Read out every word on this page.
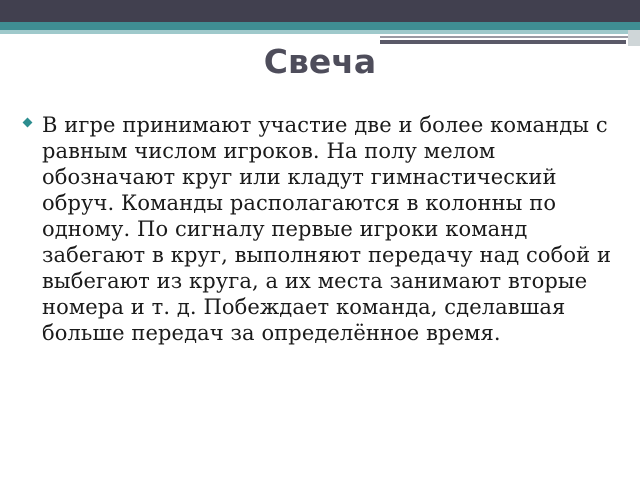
Свеча

В игре принимают участие две и более команды с равным числом игроков. На полу мелом обозначают круг или кладут гимнастический обруч. Команды располагаются в колонны по одному. По сигналу первые игроки команд забегают в круг, выполняют передачу над собой и выбегают из круга, а их места занимают вторые номера и т. д. Побеждает команда, сделавшая больше передач за определённое время.
